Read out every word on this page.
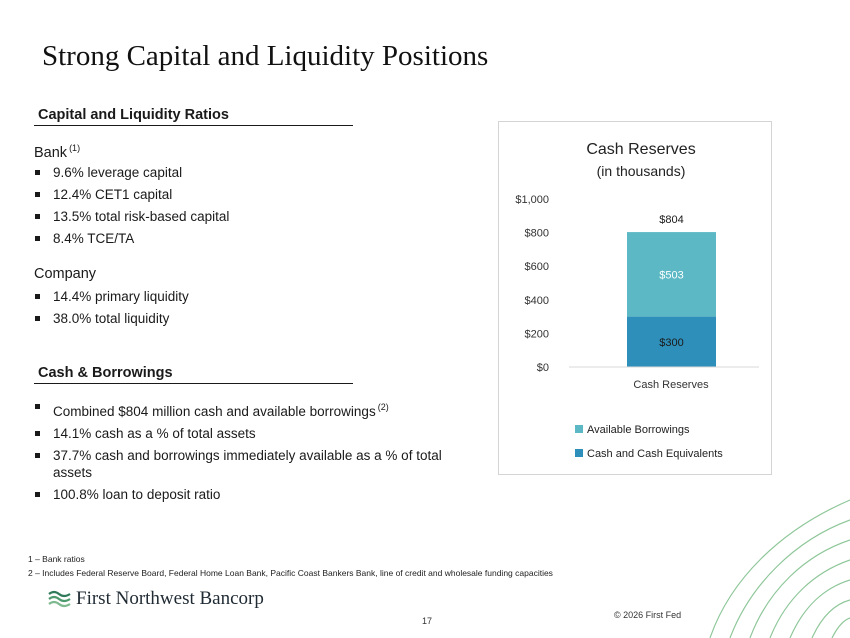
Strong Capital and Liquidity Positions
Capital and Liquidity Ratios
Bank $^{(1)}$
9.6% leverage capital
12.4% CET1 capital
13.5% total risk-based capital
8.4% TCE/TA
Company
14.4% primary liquidity
38.0% total liquidity
Cash & Borrowings
Combined $804 million cash and available borrowings $^{(2)}$
14.1% cash as a % of total assets
37.7% cash and borrowings immediately available as a % of total assets
100.8% loan to deposit ratio
Cash Reserves
(in thousands)
$0
$200
$400
$600
$800
$1,000
$300
$503
$804
Cash Reserves
Available Borrowings
Cash and Cash Equivalents
1 – Bank ratios
2 – Includes Federal Reserve Board, Federal Home Loan Bank, Pacific Coast Bankers Bank, line of credit and wholesale funding capacities
First Northwest Bancorp
17
© 2026 First Fed
